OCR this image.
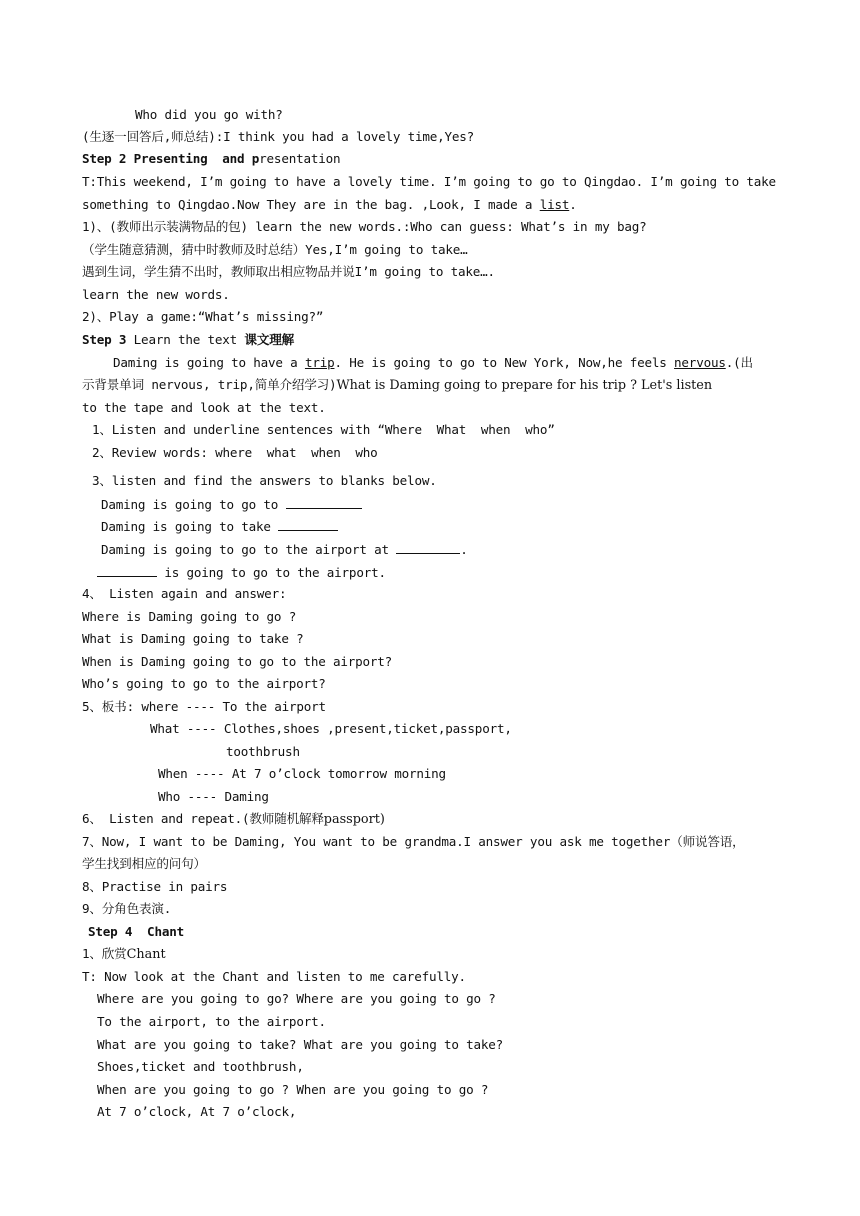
Who did you go with?
(生逐一回答后,师总结):I think you had a lovely time,Yes?
Step 2 Presenting  and presentation
T:This weekend, I’m going to have a lovely time. I’m going to go to Qingdao. I’m going to take
something to Qingdao.Now They are in the bag. ,Look, I made a list.
1)、(教师出示装满物品的包) learn the new words.:Who can guess: What’s in my bag?
（学生随意猜测，猜中时教师及时总结）Yes,I’m going to take…
遇到生词，学生猜不出时，教师取出相应物品并说I’m going to take….
learn the new words.
2)、Play a game:“What’s missing?”
Step 3 Learn the text 课文理解
Daming is going to have a trip. He is going to go to New York, Now,he feels nervous.(出
示背景单词 nervous, trip,简单介绍学习)What is Daming going to prepare for his trip ? Let's listen
to the tape and look at the text.
1、Listen and underline sentences with “Where  What  when  who”
2、Review words: where  what  when  who
3、listen and find the answers to blanks below.
Daming is going to go to
Daming is going to take
Daming is going to go to the airport at	.
is going to go to the airport.
4、 Listen again and answer:
Where is Daming going to go ?
What is Daming going to take ?
When is Daming going to go to the airport?
Who’s going to go to the airport?
5、板书: where ---- To the airport
What ---- Clothes,shoes ,present,ticket,passport,
toothbrush
When ---- At 7 o’clock tomorrow morning
Who ---- Daming
6、 Listen and repeat.(教师随机解释passport)
7、Now, I want to be Daming, You want to be grandma.I answer you ask me together（师说答语，
学生找到相应的问句）
8、Practise in pairs
9、分角色表演.
Step 4  Chant
1、欣赏Chant
T: Now look at the Chant and listen to me carefully.
Where are you going to go? Where are you going to go ?
To the airport, to the airport.
What are you going to take? What are you going to take?
Shoes,ticket and toothbrush,
When are you going to go ? When are you going to go ?
At 7 o’clock, At 7 o’clock,
